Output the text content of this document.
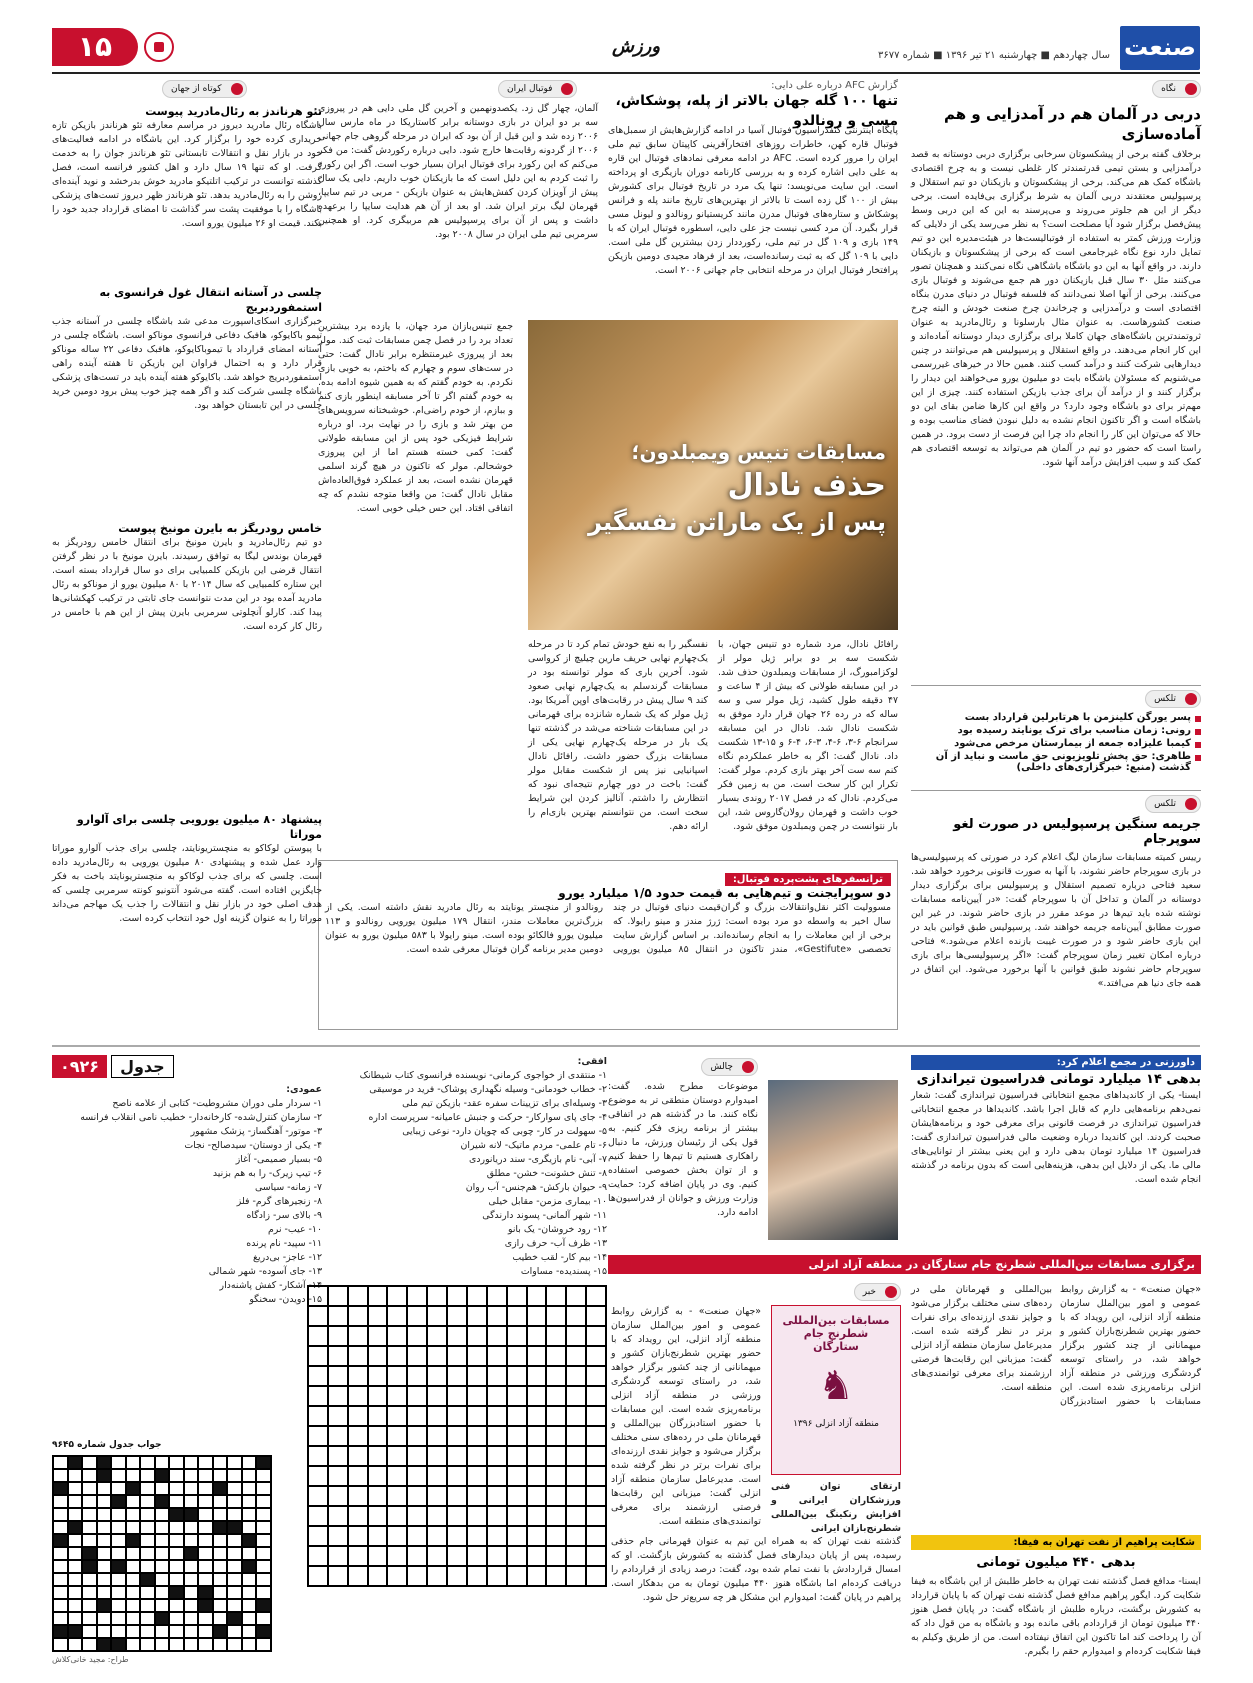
صنعت
سال چهاردهم ■ چهارشنبه ۲۱ تیر ۱۳۹۶ ■ شماره ۳۶۷۷
ورزش
۱۵
نگاه
دربی در آلمان هم در آمدزایی و هم آماده‌سازی
برخلاف گفته برخی از پیشکسوتان سرخابی برگزاری دربی دوستانه به قصد درآمدزایی و بستن تیمی قدرتمندتر کار غلطی نیست و به چرخ اقتصادی باشگاه کمک هم می‌کند. برخی از پیشکسوتان و بازیکنان دو تیم استقلال و پرسپولیس معتقدند دربی آلمان به شرط برگزاری بی‌فایده است. برخی دیگر از این هم جلوتر می‌روند و می‌پرسند به این که این دربی وسط پیش‌فصل برگزار شود آیا مصلحت است؟ به نظر می‌رسد یکی از دلایلی که وزارت ورزش کمتر به استفاده از فوتبالیست‌ها در هیئت‌مدیره این دو تیم تمایل دارد نوع نگاه غیرجامعی است که برخی از پیشکسوتان و بازیکنان دارند. در واقع آنها به این دو باشگاه باشگاهی نگاه نمی‌کنند و همچنان تصور می‌کنند مثل ۳۰ سال قبل بازیکنان دور هم جمع می‌شوند و فوتبال بازی می‌کنند. برخی از آنها اصلا نمی‌دانند که فلسفه فوتبال در دنیای مدرن بنگاه اقتصادی است و درآمدزایی و چرخاندن چرخ صنعت خودش و البته چرخ صنعت کشورهاست. به عنوان مثال بارسلونا و رئال‌مادرید به عنوان ثروتمندترین باشگاه‌های جهان کاملا برای برگزاری دیدار دوستانه آماده‌اند و این کار انجام می‌دهند. در واقع استقلال و پرسپولیس هم می‌توانند در چنین دیدارهایی شرکت کنند و درآمد کسب کنند. همین حالا در خیرهای غیررسمی می‌شنویم که مسئولان باشگاه بابت دو میلیون یورو می‌خواهند این دیدار را برگزار کنند و از درآمد آن برای جذب بازیکن استفاده کنند. چیزی از این مهم‌تر برای دو باشگاه وجود دارد؟ در واقع این کارها ضامن بقای این دو باشگاه است و اگر تاکنون انجام نشده به دلیل نبودن فضای مناسب بوده و حالا که می‌توان این کار را انجام داد چرا این فرصت از دست برود. در همین راستا است که حضور دو تیم در آلمان هم می‌تواند به توسعه اقتصادی هم کمک کند و سبب افزایش درآمد آنها شود.
تلکس
پسر یورگن کلینزمن با هرتابرلین قرارداد بست
رونی: زمان مناسب برای ترک یونایتد رسیده بود
کیمبا علیزاده جمعه از بیمارستان مرخص می‌شود
طاهری: حق پخش تلویزیونی حق ماست و نباید از آن گذشت (منبع: خبرگزاری‌های داخلی)
تلکس
جریمه سنگین پرسپولیس در صورت لغو سوپرجام
رییس کمیته مسابقات سازمان لیگ اعلام کرد در صورتی که پرسپولیسی‌ها در بازی سوپرجام حاضر نشوند، با آنها به صورت قانونی برخورد خواهد شد. سعید فتاحی درباره تصمیم استقلال و پرسپولیس برای برگزاری دیدار دوستانه در آلمان و تداخل آن با سوپرجام گفت: «در آیین‌نامه مسابقات نوشته شده باید تیم‌ها در موعد مقرر در بازی حاضر شوند. در غیر این صورت مطابق آیین‌نامه جریمه خواهند شد. پرسپولیس طبق قوانین باید در این بازی حاضر شود و در صورت غیبت بازنده اعلام می‌شود.» فتاحی درباره امکان تغییر زمان سوپرجام گفت: «اگر پرسپولیسی‌ها برای بازی سوپرجام حاضر نشوند طبق قوانین با آنها برخورد می‌شود. این اتفاق در همه جای دنیا هم می‌افتد.»
گزارش AFC درباره علی دایی:
تنها ۱۰۰ گله جهان بالاتر از پله، پوشکاش، مسی و رونالدو
پایگاه اینترنتی کنفدراسیون فوتبال آسیا در ادامه گزارش‌هایش از سمبل‌های فوتبال قاره کهن، خاطرات روزهای افتخارآفرینی کاپیتان سابق تیم ملی ایران را مرور کرده است. AFC در ادامه معرفی نمادهای فوتبال این قاره به علی دایی اشاره کرده و به بررسی کارنامه دوران بازیگری او پرداخته است. این سایت می‌نویسد: تنها یک مرد در تاریخ فوتبال برای کشورش بیش از ۱۰۰ گل زده است تا بالاتر از بهترین‌های تاریخ مانند پله و فرانس پوشکاش و ستاره‌های فوتبال مدرن مانند کریستیانو رونالدو و لیونل مسی قرار بگیرد. آن مرد کسی نیست جز علی دایی، اسطوره فوتبال ایران که با ۱۴۹ بازی و ۱۰۹ گل در تیم ملی، رکورددار زدن بیشترین گل ملی است. دایی با ۱۰۹ گل که به ثبت رسانده‌است، بعد از فرهاد مجیدی دومین بازیکن پرافتخار فوتبال ایران در مرحله انتخابی جام جهانی ۲۰۰۶ است.
فوتبال ایران
آلمان، چهار گل زد. یکصدونهمین و آخرین گل ملی دایی هم در پیروزی سه بر دو ایران در بازی دوستانه برابر کاستاریکا در ماه مارس سال ۲۰۰۶ زده شد و این قبل از آن بود که ایران در مرحله گروهی جام جهانی ۲۰۰۶ از گردونه رقابت‌ها خارج شود. دایی درباره رکوردش گفت: من فکر می‌کنم که این رکورد برای فوتبال ایران بسیار خوب است. اگر این رکورد را ثبت کردم به این دلیل است که ما بازیکنان خوب داریم. دایی یک سال پیش از آویزان کردن کفش‌هایش به عنوان بازیکن - مربی در تیم سایپا، قهرمان لیگ برتر ایران شد. او بعد از آن هم هدایت سایپا را برعهده داشت و پس از آن برای پرسپولیس هم مربیگری کرد. او همچنین سرمربی تیم ملی ایران در سال ۲۰۰۸ بود.
مسابقات تنیس ویمبلدون؛
حذف نادال
پس از یک ماراتن نفسگیر
جمع تنیس‌بازان مرد جهان، با یازده برد بیشترین تعداد برد را در فصل چمن مسابقات ثبت کند. مولر بعد از پیروزی غیرمنتظره برابر نادال گفت: حتی در ست‌های سوم و چهارم که باختم، به خوبی بازی نکردم. به خودم گفتم که به همین شیوه ادامه بده. به خودم گفتم اگر تا آخر مسابقه اینطور بازی کنم و ببازم، از خودم راضی‌ام. خوشبختانه سرویس‌های من بهتر شد و بازی را در نهایت برد. او درباره شرایط فیزیکی خود پس از این مسابقه طولانی گفت: کمی خسته هستم اما از این پیروزی خوشحالم. مولر که تاکنون در هیچ گرند اسلمی قهرمان نشده است، بعد از عملکرد فوق‌العاده‌اش مقابل نادال گفت: من واقعا متوجه نشدم که چه اتفاقی افتاد. این حس خیلی خوبی است.
رافائل نادال، مرد شماره دو تنیس جهان، با شکست سه بر دو برابر ژیل مولر از لوکزامبورگ، از مسابقات ویمبلدون حذف شد. در این مسابقه طولانی که بیش از ۴ ساعت و ۴۷ دقیقه طول کشید، ژیل مولر سی و سه ساله که در رده ۲۶ جهان قرار دارد موفق به شکست نادال شد. نادال در این مسابقه سرانجام ۶-۳، ۶-۴، ۳-۶، ۴-۶ و ۱۵-۱۳ شکست داد. نادال گفت: اگر به خاطر عملکردم نگاه کنم سه ست آخر بهتر بازی کردم. مولر گفت: تکرار این کار سخت است. من به زمین فکر می‌کردم. نادال که در فصل ۲۰۱۷ روندی بسیار خوب داشت و قهرمان رولان‌گاروس شد، این بار نتوانست در چمن ویمبلدون موفق شود.
نفسگیر را به نفع خودش تمام کرد تا در مرحله یک‌چهارم نهایی حریف مارین چیلیچ از کرواسی شود. آخرین باری که مولر توانسته بود در مسابقات گرندسلم به یک‌چهارم نهایی صعود کند ۹ سال پیش در رقابت‌های اوپن آمریکا بود. ژیل مولر که یک شماره شانزده برای قهرمانی در این مسابقات شناخته می‌شد در گذشته تنها یک بار در مرحله یک‌چهارم نهایی یکی از مسابقات بزرگ حضور داشت. رافائل نادال اسپانیایی نیز پس از شکست مقابل مولر گفت: باخت در دور چهارم نتیجه‌ای نبود که انتظارش را داشتم. آنالیز کردن این شرایط سخت است. من نتوانستم بهترین بازی‌ام را ارائه دهم.
ترانسفرهای پشت‌پرده فوتبال:
دو سوپرایجنت و تیم‌هایی به قیمت حدود ۱/۵ میلیارد یورو
مسوولیت اکثر نقل‌وانتقالات بزرگ و گران‌قیمت دنیای فوتبال در چند سال اخیر به واسطه دو مرد بوده است: ژرژ مندز و مینو رایولا. که برخی از این معاملات را به انجام رسانده‌اند. بر اساس گزارش سایت تخصصی «Gestifute»، مندز تاکنون در انتقال ۸۵ میلیون یورویی رونالدو از منچستر یونایتد به رئال مادرید نقش داشته است. یکی از بزرگ‌ترین معاملات مندز، انتقال ۱۷۹ میلیون یورویی رونالدو و ۱۱۳ میلیون یورو فالکائو بوده است. مینو رایولا با ۵۸۳ میلیون یورو به عنوان دومین مدیر برنامه گران فوتبال معرفی شده است.
کوتاه از جهان
تئو هرناندز به رئال‌مادرید پیوست
باشگاه رئال مادرید دیروز در مراسم معارفه تئو هرناندز بازیکن تازه خریداری کرده خود را برگزار کرد. این باشگاه در ادامه فعالیت‌های خود در بازار نقل و انتقالات تابستانی تئو هرناندز جوان را به خدمت گرفت. او که تنها ۱۹ سال دارد و اهل کشور فرانسه است، فصل گذشته توانست در ترکیب اتلتیکو مادرید خوش بدرخشد و نوید آینده‌ای روشن را به رئال‌مادرید بدهد. تئو هرناندز ظهر دیروز تست‌های پزشکی باشگاه را با موفقیت پشت سر گذاشت تا امضای قرارداد جدید خود را بکند. قیمت او ۲۶ میلیون یورو است.
چلسی در آستانه انتقال غول فرانسوی به استمفوردبریج
خبرگزاری اسکای‌اسپورت مدعی شد باشگاه چلسی در آستانه جذب تیمو باکایوکو، هافبک دفاعی فرانسوی موناکو است. باشگاه چلسی در آستانه امضای قرارداد با تیموباکایوکو، هافبک دفاعی ۲۲ ساله موناکو قرار دارد و به احتمال فراوان این بازیکن تا هفته آینده راهی استمفوردبریج خواهد شد. باکایوکو هفته آینده باید در تست‌های پزشکی باشگاه چلسی شرکت کند و اگر همه چیز خوب پیش برود دومین خرید چلسی در این تابستان خواهد بود.
خامس رودریگز به بایرن مونیخ پیوست
دو تیم رئال‌مادرید و بایرن مونیخ برای انتقال خامس رودریگز به قهرمان بوندس لیگا به توافق رسیدند. بایرن مونیخ با در نظر گرفتن انتقال قرضی این بازیکن کلمبیایی برای دو سال قرارداد بسته است. این ستاره کلمبیایی که سال ۲۰۱۴ با ۸۰ میلیون یورو از موناکو به رئال مادرید آمده بود در این مدت نتوانست جای ثابتی در ترکیب کهکشانی‌ها پیدا کند. کارلو آنچلوتی سرمربی بایرن پیش از این هم با خامس در رئال کار کرده است.
پیشنهاد ۸۰ میلیون یورویی چلسی برای آلوارو موراتا
با پیوستن لوکاکو به منچستریونایتد، چلسی برای جذب آلوارو موراتا وارد عمل شده و پیشنهادی ۸۰ میلیون یورویی به رئال‌مادرید داده است. چلسی که برای جذب لوکاکو به منچستریونایتد باخت به فکر جایگزین افتاده است. گفته می‌شود آنتونیو کونته سرمربی چلسی که هدف اصلی خود در بازار نقل و انتقالات را جذب یک مهاجم می‌داند موراتا را به عنوان گزینه اول خود انتخاب کرده است.
داورزنی در مجمع اعلام کرد:
بدهی ۱۴ میلیارد تومانی فدراسیون تیراندازی
ایسنا- یکی از کاندیداهای مجمع انتخاباتی فدراسیون تیراندازی گفت: شعار نمی‌دهم برنامه‌هایی دارم که قابل اجرا باشد. کاندیداها در مجمع انتخاباتی فدراسیون تیراندازی در فرصت قانونی برای معرفی خود و برنامه‌هایشان صحبت کردند. این کاندیدا درباره وضعیت مالی فدراسیون تیراندازی گفت: فدراسیون ۱۴ میلیارد تومان بدهی دارد و این یعنی بیشتر از توانایی‌های مالی ما. یکی از دلایل این بدهی، هزینه‌هایی است که بدون برنامه در گذشته انجام شده است.
چالش
موضوعات مطرح شده. گفت: امیدوارم دوستان منطقی تر به موضوع نگاه کنند. ما در گذشته هم در اتفاقی بیشتر از برنامه ریزی فکر کنیم. به قول یکی از رئیسان ورزش، ما دنبال راهکاری هستیم تا تیم‌ها را حفظ کنیم و از توان بخش خصوصی استفاده کنیم. وی در پایان اضافه کرد: حمایت وزارت ورزش و جوانان از فدراسیون‌ها ادامه دارد.
برگزاری مسابقات بین‌المللی شطرنج جام ستارگان در منطقه آزاد انزلی
«جهان صنعت» - به گزارش روابط عمومی و امور بین‌الملل سازمان منطقه آزاد انزلی، این رویداد که با حضور بهترین شطرنج‌بازان کشور و میهمانانی از چند کشور برگزار خواهد شد، در راستای توسعه گردشگری ورزشی در منطقه آزاد انزلی برنامه‌ریزی شده است. این مسابقات با حضور استادبزرگان بین‌المللی و قهرمانان ملی در رده‌های سنی مختلف برگزار می‌شود و جوایز نقدی ارزنده‌ای برای نفرات برتر در نظر گرفته شده است. مدیرعامل سازمان منطقه آزاد انزلی گفت: میزبانی این رقابت‌ها فرصتی ارزشمند برای معرفی توانمندی‌های منطقه است.
خبر
مسابقات بین‌المللی شطرنج جام ستارگان
♞
منطقه آزاد انزلی ۱۳۹۶
ارتقای توان فنی ورزشکاران ایرانی و افزایش رنکینگ بین‌المللی شطرنج‌بازان ایرانی
«جهان صنعت» - به گزارش روابط عمومی و امور بین‌الملل سازمان منطقه آزاد انزلی، این رویداد که با حضور بهترین شطرنج‌بازان کشور و میهمانانی از چند کشور برگزار خواهد شد، در راستای توسعه گردشگری ورزشی در منطقه آزاد انزلی برنامه‌ریزی شده است. این مسابقات با حضور استادبزرگان بین‌المللی و قهرمانان ملی در رده‌های سنی مختلف برگزار می‌شود و جوایز نقدی ارزنده‌ای برای نفرات برتر در نظر گرفته شده است. مدیرعامل سازمان منطقه آزاد انزلی گفت: میزبانی این رقابت‌ها فرصتی ارزشمند برای معرفی توانمندی‌های منطقه است.
شکایت پراهیم از نفت تهران به فیفا:
بدهی ۴۴۰ میلیون تومانی
ایسنا- مدافع فصل گذشته نفت تهران به خاطر طلبش از این باشگاه به فیفا شکایت کرد. ایگور پراهیم مدافع فصل گذشته نفت تهران که با پایان قرارداد به کشورش برگشت، درباره طلبش از باشگاه گفت: در پایان فصل هنوز ۴۴۰ میلیون تومان از قراردادم باقی مانده بود و باشگاه به من قول داد که آن را پرداخت کند اما تاکنون این اتفاق نیفتاده است. من از طریق وکیلم به فیفا شکایت کرده‌ام و امیدوارم حقم را بگیرم.
گذشته نفت تهران که به همراه این تیم به عنوان قهرمانی جام حذفی رسیده، پس از پایان دیدار‌های فصل گذشته به کشورش بازگشت. او که امسال قراردادش با نفت تمام شده بود، گفت: درصد زیادی از قراردادم را دریافت کرده‌ام اما باشگاه هنوز ۴۴۰ میلیون تومان به من بدهکار است. پراهیم در پایان گفت: امیدوارم این مشکل هر چه سریع‌تر حل شود.
۰۹۲۶	جدول	افقی:
۱- منتقدی از خواجوی کرمانی- نویسنده فرانسوی کتاب شیطانک
۲- خطاب خودمانی- وسیله نگهداری پوشاک- فرید در موسیقی
۳- وسیله‌ای برای تزیینات سفره عقد- بازیکن تیم ملی
۴- جای پای سوارکار- حرکت و جنبش عامیانه- سرپرست اداره
۵- سهولت در کار- چوبی که چوپان دارد- نوعی زیبایی
۶- تام علمی- مردم ماتیک- لانه شیران
۷- آبی- نام بازیگری- سند دریانوردی
۸- تنش خشونت- خشن- مطلق
۹- حیوان بارکش- هم‌جنس- آب روان
۱۰- بیماری مزمن- مقابل خیلی
۱۱- شهر آلمانی- پسوند دارندگی
۱۲- رود خروشان- یک بانو
۱۳- ظرف آب- حرف رازی
۱۴- بیم کار- لقب خطیب
۱۵- پسندیده- مساوات
عمودی:
۱- سردار ملی دوران مشروطیت- کتابی از علامه ناصح
۲- سازمان کنترل‌شده- کارخانه‌دار- خطیب نامی انقلاب فرانسه
۳- موتور- آهنگساز- پزشک مشهور
۴- یکی از دوستان- سیدصالح- نجات
۵- بسیار صمیمی- آغاز
۶- تیپ زیرک- را به هم بزنید
۷- زمانه- سیاسی
۸- زنجیرهای گرم- فلز
۹- بالای سر- زادگاه
۱۰- عیب- نرم
۱۱- سپید- نام پرنده
۱۲- عاجز- بی‌دریغ
۱۳- جای آسوده- شهر شمالی
۱۴- آشکار- کفش پاشنه‌دار
۱۵- دویدن- سخنگو
جواب جدول شماره ۹۶۴۵
طراح: مجید خانی‌کلاش
